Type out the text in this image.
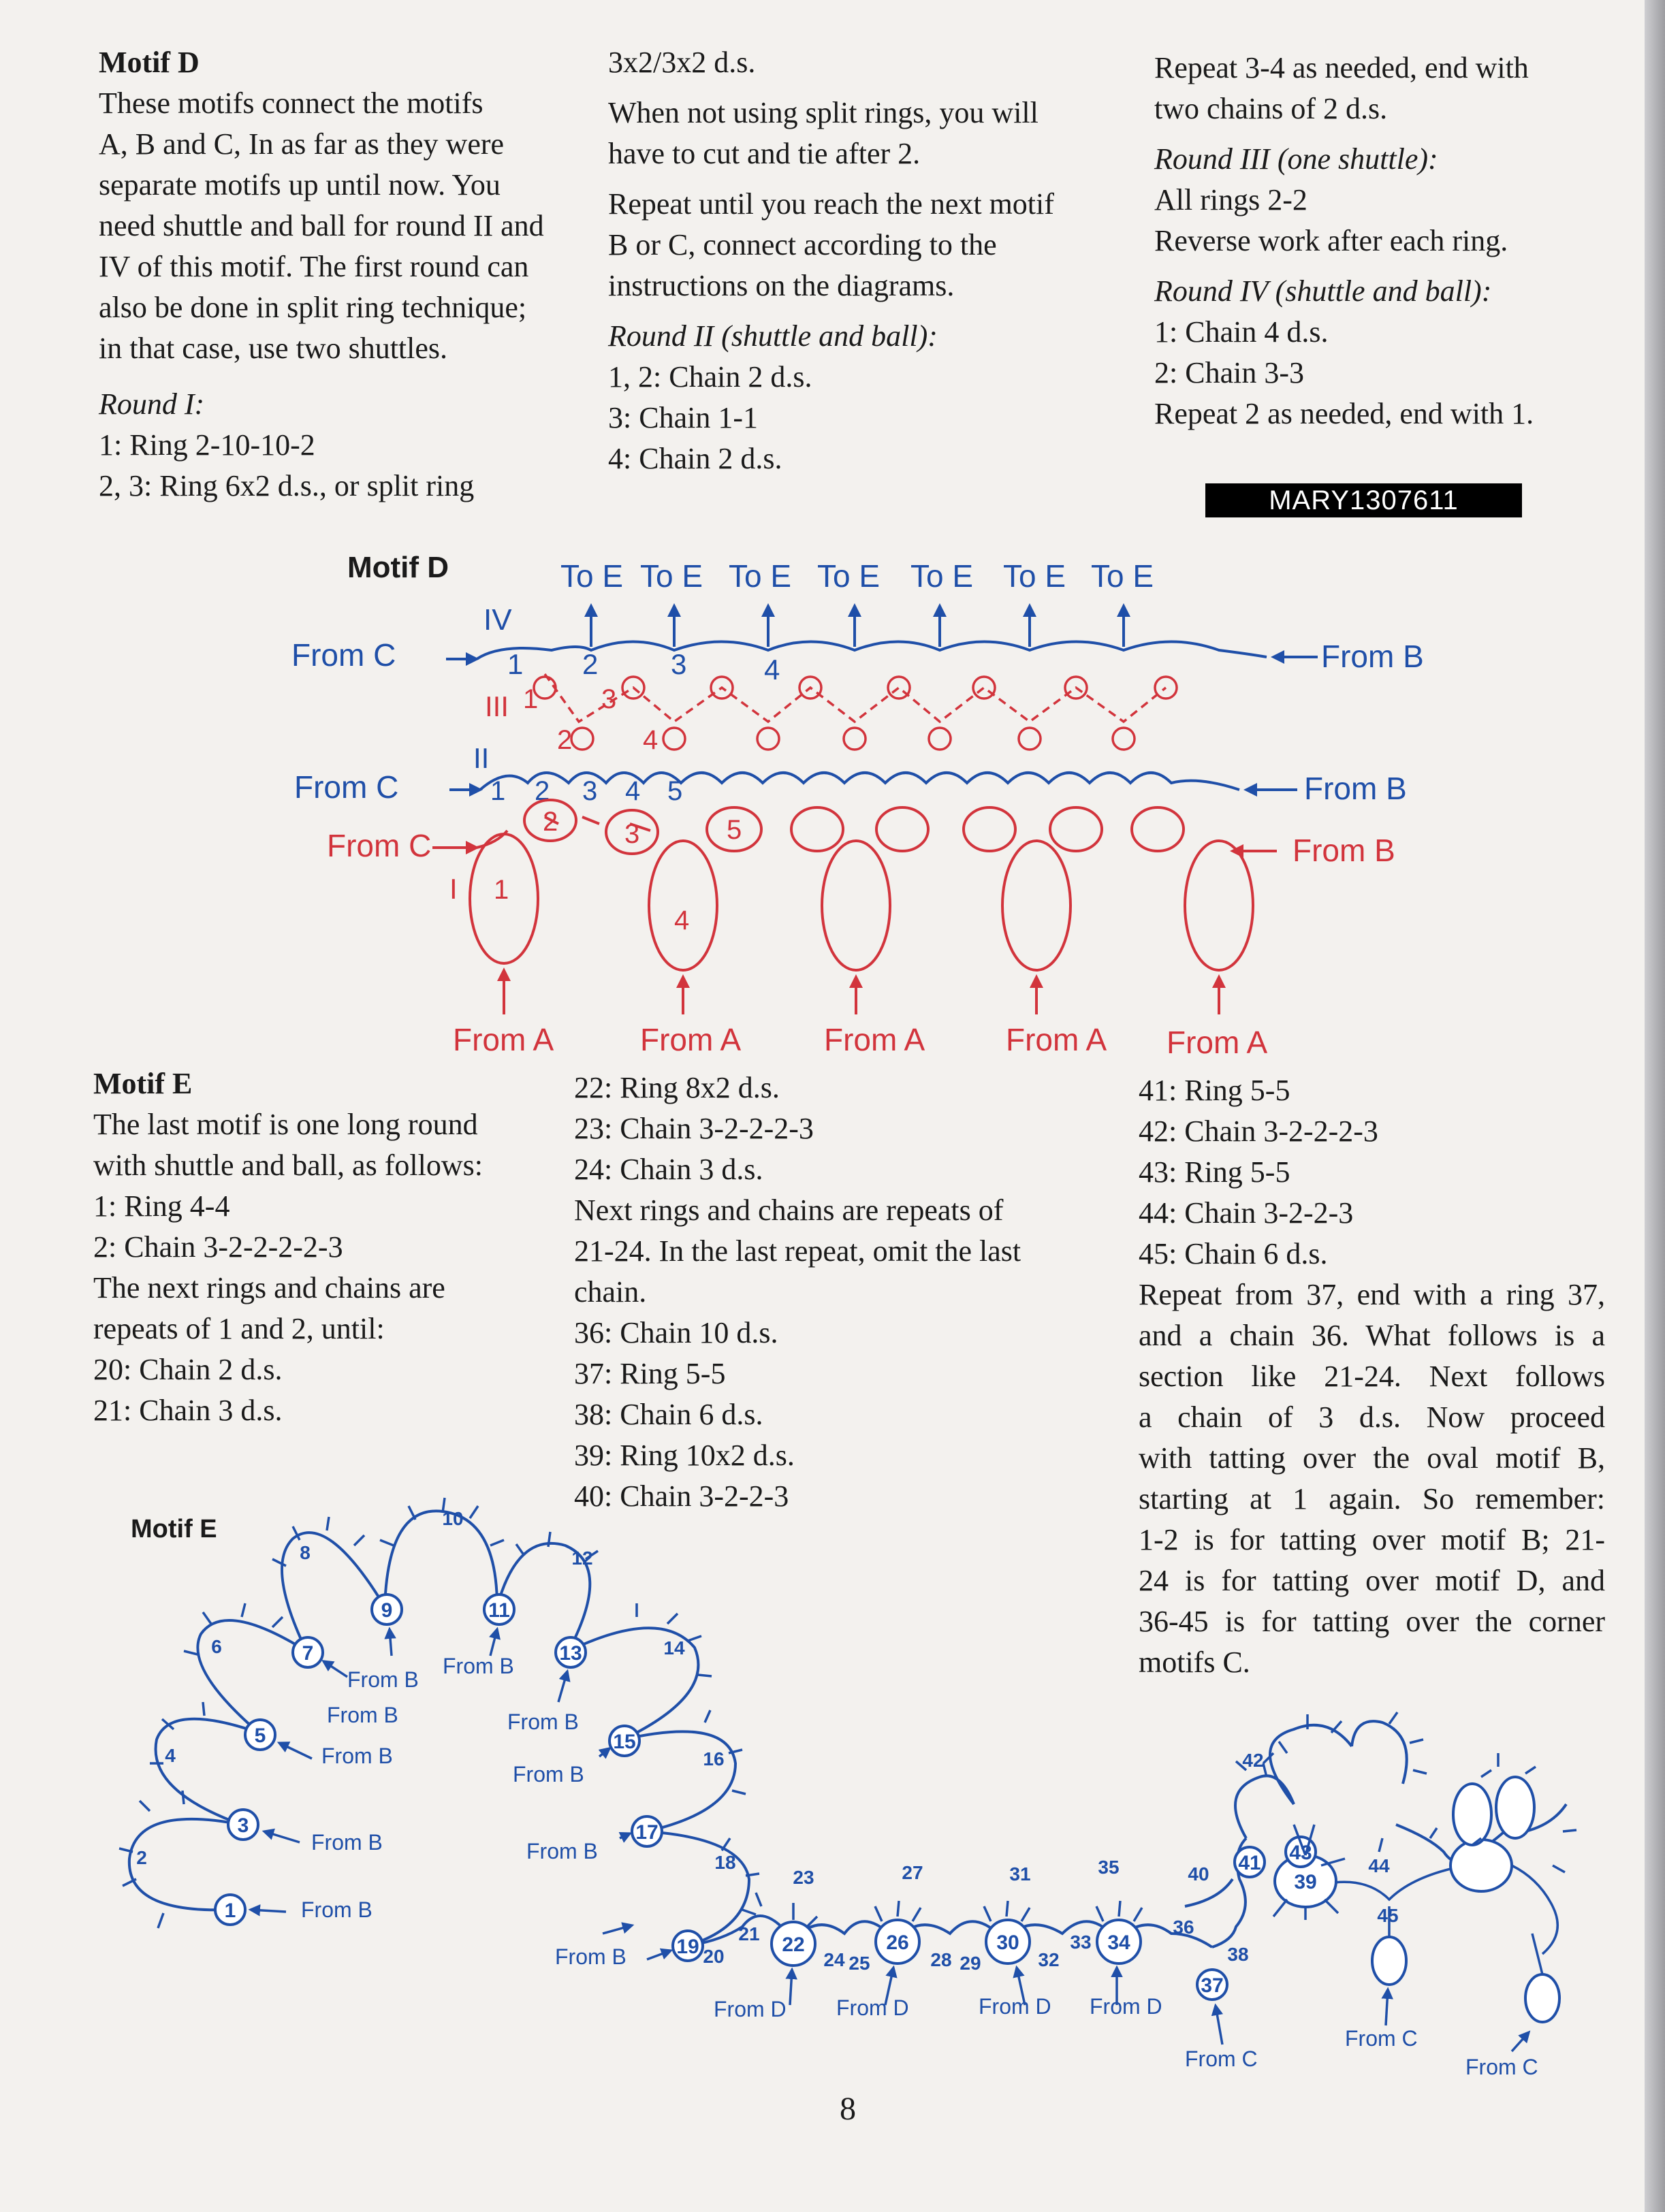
Motif D

These motifs connect the motifs
A, B and C, In as far as they were
separate motifs up until now. You
need shuttle and ball for round II and
IV of this motif. The first round can
also be done in split ring technique;
in that case, use two shuttles.

Round I:
1: Ring 2-10-10-2
2, 3: Ring 6x2 d.s., or split ring

3x2/3x2 d.s.

When not using split rings, you will
have to cut and tie after 2.

Repeat until you reach the next motif
B or C, connect according to the
instructions on the diagrams.

Round II (shuttle and ball):
1, 2: Chain 2 d.s.
3: Chain 1-1
4: Chain 2 d.s.

Repeat 3-4 as needed, end with
two chains of 2 d.s.

Round III (one shuttle):
All rings 2-2

Reverse work after each ring.

Round IV (shuttle and ball):
1: Chain 4 d.s.
2: Chain 3-3
Repeat 2 as needed, end with 1.
MARY1307611
Motif D	To E To E To E To E To E To E To E
From C	From B
IV
1 2	3	4
III 1 3
2	4
From C	From B
II
1 2 3 4 5
From C	From B
I
2 3	5
1
4
From A	From A	From A	From A From A
Motif E
The last motif is one long round
with shuttle and ball, as follows:
1: Ring 4-4
2: Chain 3-2-2-2-2-3
The next rings and chains are
repeats of 1 and 2, until:
20: Chain 2 d.s.
21: Chain 3 d.s.
22: Ring 8x2 d.s.
23: Chain 3-2-2-2-3
24: Chain 3 d.s.
Next rings and chains are repeats of
21-24. In the last repeat, omit the last
chain.
36: Chain 10 d.s.
37: Ring 5-5
38: Chain 6 d.s.
39: Ring 10x2 d.s.
40: Chain 3-2-2-3
41: Ring 5-5
42: Chain 3-2-2-2-3
43: Ring 5-5
44: Chain 3-2-2-3
45: Chain 6 d.s.
Repeat from 37, end with a ring 37,
and a chain 36. What follows is a
section like 21-24. Next follows
a chain of 3 d.s. Now proceed
with tatting over the oval motif B,
starting at 1 again. So remember:
1-2 is for tatting over motif B; 21-
24 is for tatting over motif D, and
36-45 is for tatting over the corner
motifs C.
Motif E
1
3
5
7
9	11
13
15
17
19	22	26	30	34
37
39
41 43
2
4
6
8
10
12
14
16
18
20
21
23
24 25
27
28 29
31
32
33
35
36
38
40
42
44
45
From B
From B
From B
From B
From B
From B
From B
From B
From B
From B
From D From D	From D From D
From C
From C
From C
8
